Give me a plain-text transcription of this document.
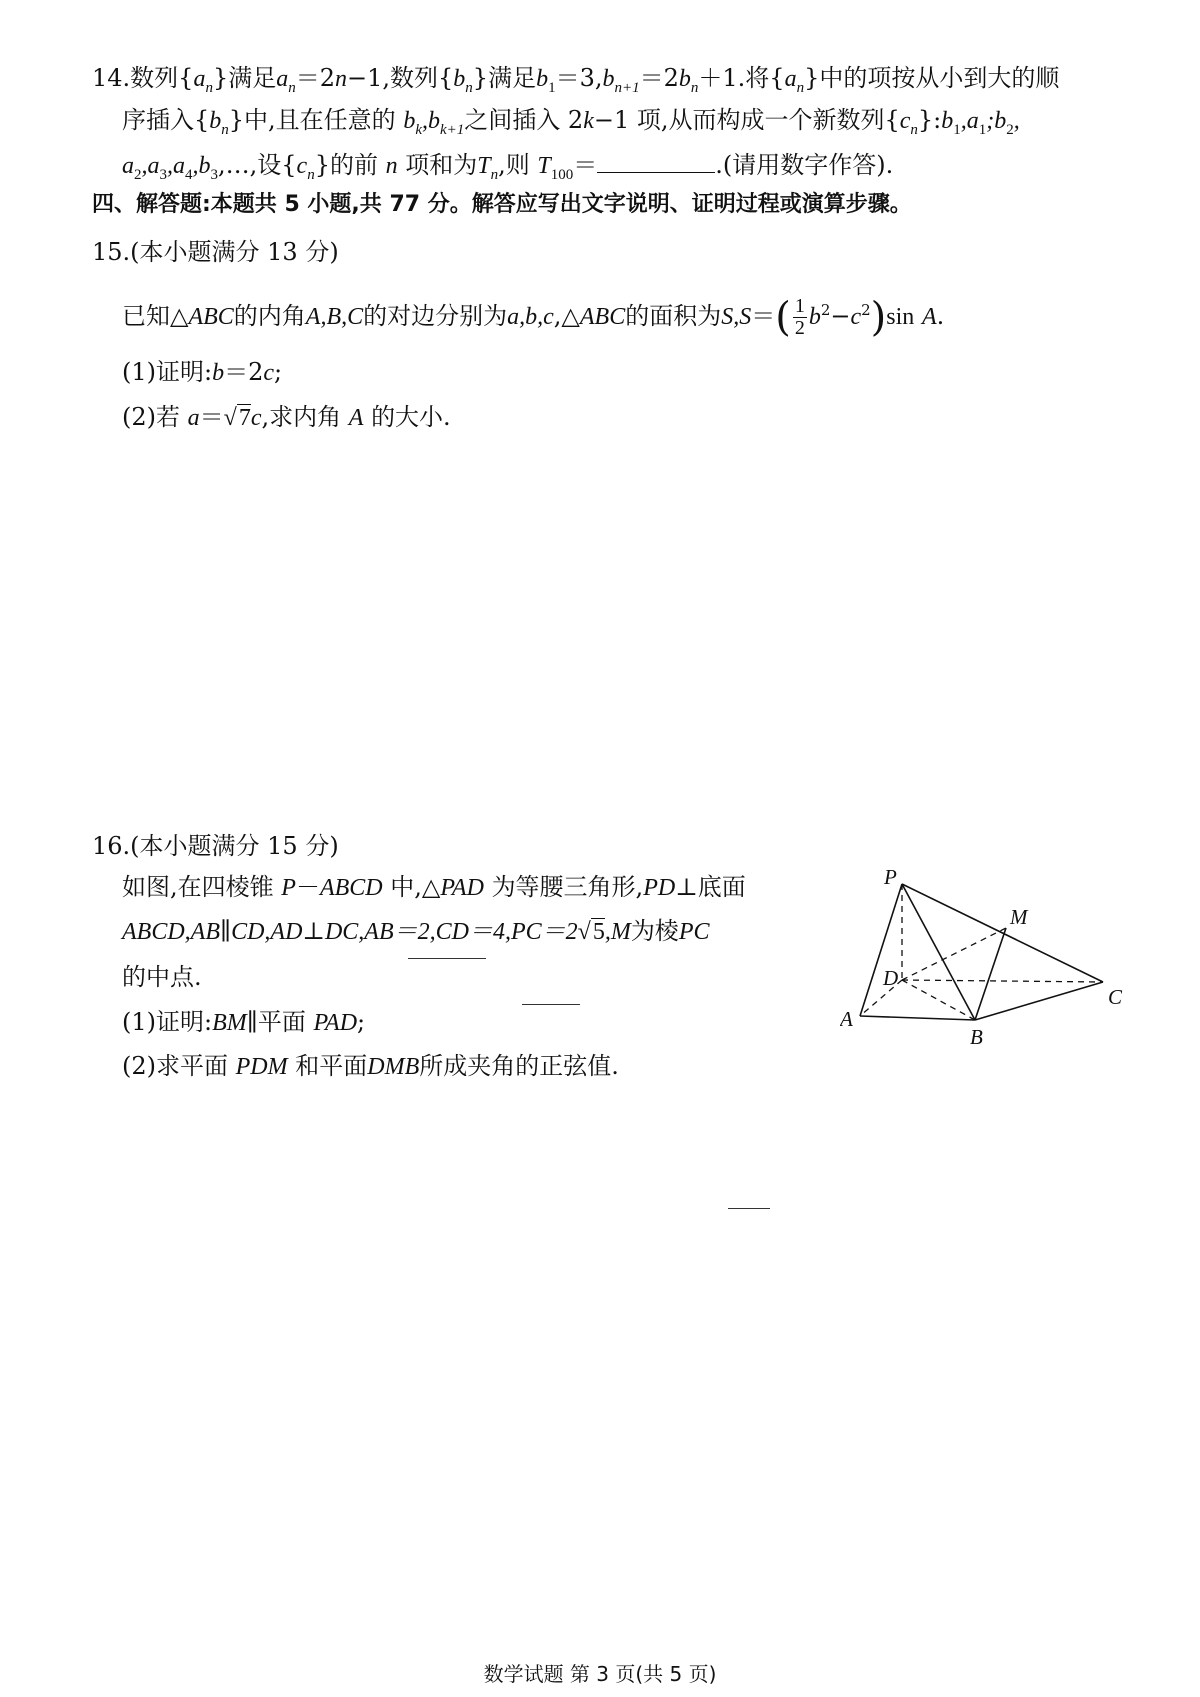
14.数列$\{a_n\}$满足$a_n=2n-1$,数列$\{b_n\}$满足$b_1=3,b_{n+1}=2b_n+1$.将$\{a_n\}$中的项按从小到大的顺
序插入$\{b_n\}$中,且在任意的 $b_k,b_{k+1}$之间插入 2k−1 项,从而构成一个新数列$\{c_n\}:b_1,a_1;b_2$,
$a_2,a_3,a_4,b_3,\dots$,设$\{c_n\}$的前 n 项和为$T_n$,则 $T_{100}=$	.(请用数字作答).
四、解答题:本题共 5 小题,共 77 分。解答应写出文字说明、证明过程或演算步骤。
15.(本小题满分 13 分)
已知△ABC的内角A,B,C的对边分别为a,b,c,△ABC的面积为$S,S=( \frac{1}{2} b^2-c^2)\sin$ A.
(1)证明:b＝2c;
(2)若 a＝√7c,求内角 A 的大小.
16.(本小题满分 15 分)
如图,在四棱锥 P－ABCD 中,△PAD 为等腰三角形,PD⊥底面
ABCD,AB∥CD,AD⊥DC,AB＝2,CD＝4,PC＝2√5,M为棱PC
的中点.
(1)证明:BM∥平面 PAD;
(2)求平面 PDM 和平面DMB所成夹角的正弦值.
P
M
D
C
A
B
数学试题 第 3 页(共 5 页)
